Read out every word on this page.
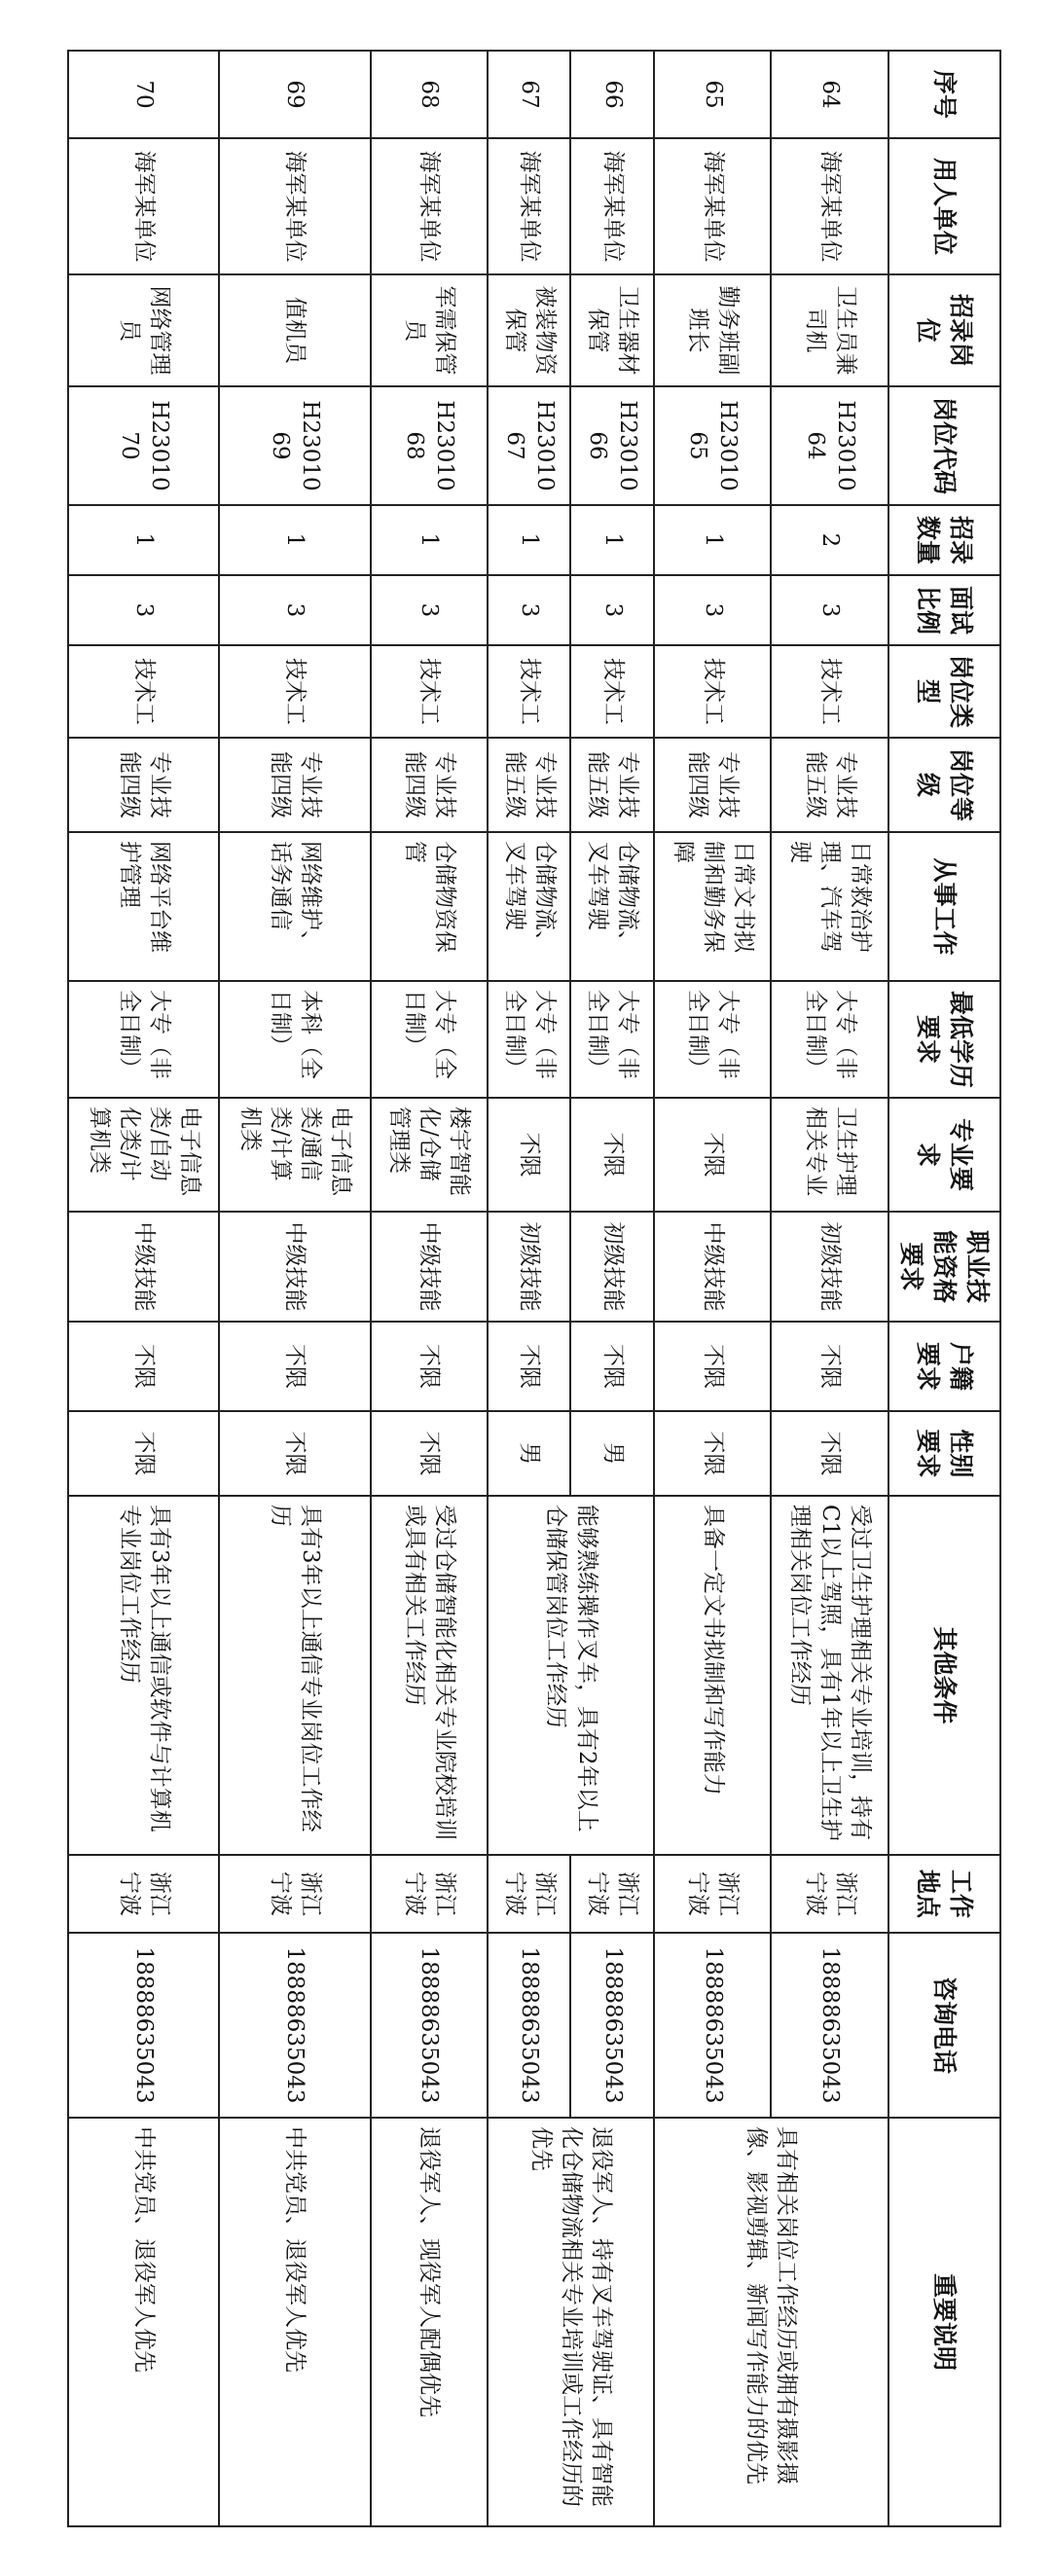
序号	用人单位	招录岗位	岗位代码	招录数量	面试比例	岗位类型	岗位等级	从事工作	最低学历要求	专业要求	职业技能资格要求	户籍要求	性别要求	其他条件	工作地点	咨询电话	重要说明
64	海军某单位	卫生员兼司机	H2301064	2	3	技术工	专业技能五级	日常救治护理、汽车驾驶	大专（非全日制）	卫生护理相关专业	初级技能	不限	不限	受过卫生护理相关专业培训，持有C1以上驾照，具有1年以上卫生护理相关岗位工作经历	浙江宁波	18888635043	具有相关岗位工作经历或拥有摄影摄像、影视剪辑、新闻写作能力的优先
65	海军某单位	勤务班副班长	H2301065	1	3	技术工	专业技能四级	日常文书拟制和勤务保障	大专（非全日制）	不限	中级技能	不限	不限	具备一定文书拟制和写作能力	浙江宁波	18888635043	
66	海军某单位	卫生器材保管	H2301066	1	3	技术工	专业技能五级	仓储物流、叉车驾驶	大专（非全日制）	不限	初级技能	不限	男	能够熟练操作叉车，具有2年以上仓储保管岗位工作经历	浙江宁波	18888635043	退役军人、持有叉车驾驶证、具有智能化仓储物流相关专业培训或工作经历的优先
67	海军某单位	被装物资保管	H2301067	1	3	技术工	专业技能五级	仓储物流、叉车驾驶	大专（非全日制）	不限	初级技能	不限	男		浙江宁波	18888635043	
68	海军某单位	军需保管员	H2301068	1	3	技术工	专业技能四级	仓储物资保管	大专（全日制）	楼宇智能化/仓储管理类	中级技能	不限	不限	受过仓储智能化相关专业院校培训或具有相关工作经历	浙江宁波	18888635043	退役军人、现役军人配偶优先
69	海军某单位	值机员	H2301069	1	3	技术工	专业技能四级	网络维护、话务通信	本科（全日制）	电子信息类/通信类/计算机类	中级技能	不限	不限	具有3年以上通信专业岗位工作经历	浙江宁波	18888635043	中共党员、退役军人优先
70	海军某单位	网络管理员	H2301070	1	3	技术工	专业技能四级	网络平台维护管理	大专（非全日制）	电子信息类/自动化类/计算机类	中级技能	不限	不限	具有3年以上通信或软件与计算机专业岗位工作经历	浙江宁波	18888635043	中共党员、退役军人优先
